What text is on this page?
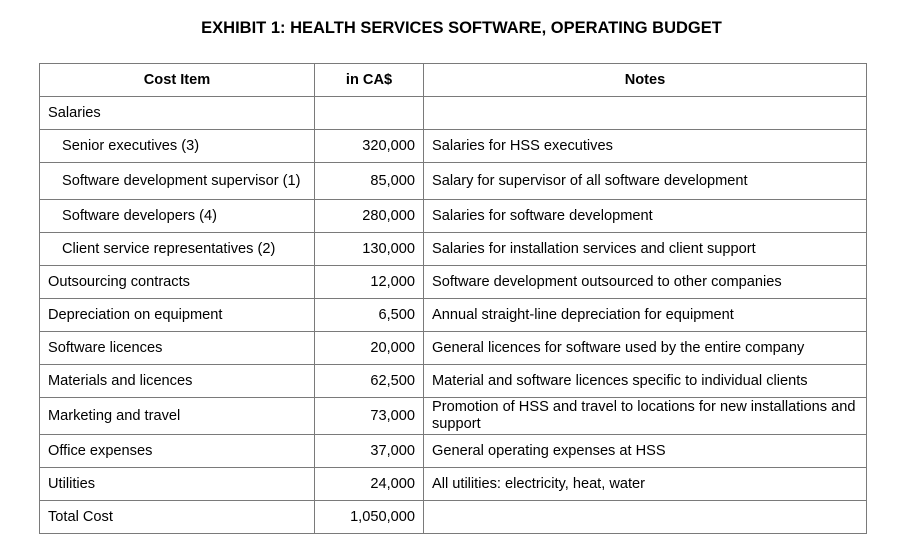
EXHIBIT 1: HEALTH SERVICES SOFTWARE, OPERATING BUDGET
Cost Item	in CA$	Notes
Salaries		
Senior executives (3)	320,000	Salaries for HSS executives
Software development supervisor (1)	85,000	Salary for supervisor of all software development
Software developers (4)	280,000	Salaries for software development
Client service representatives (2)	130,000	Salaries for installation services and client support
Outsourcing contracts	12,000	Software development outsourced to other companies
Depreciation on equipment	6,500	Annual straight-line depreciation for equipment
Software licences	20,000	General licences for software used by the entire company
Materials and licences	62,500	Material and software licences specific to individual clients
Marketing and travel	73,000	Promotion of HSS and travel to locations for new installations and support
Office expenses	37,000	General operating expenses at HSS
Utilities	24,000	All utilities: electricity, heat, water
Total Cost	1,050,000	
